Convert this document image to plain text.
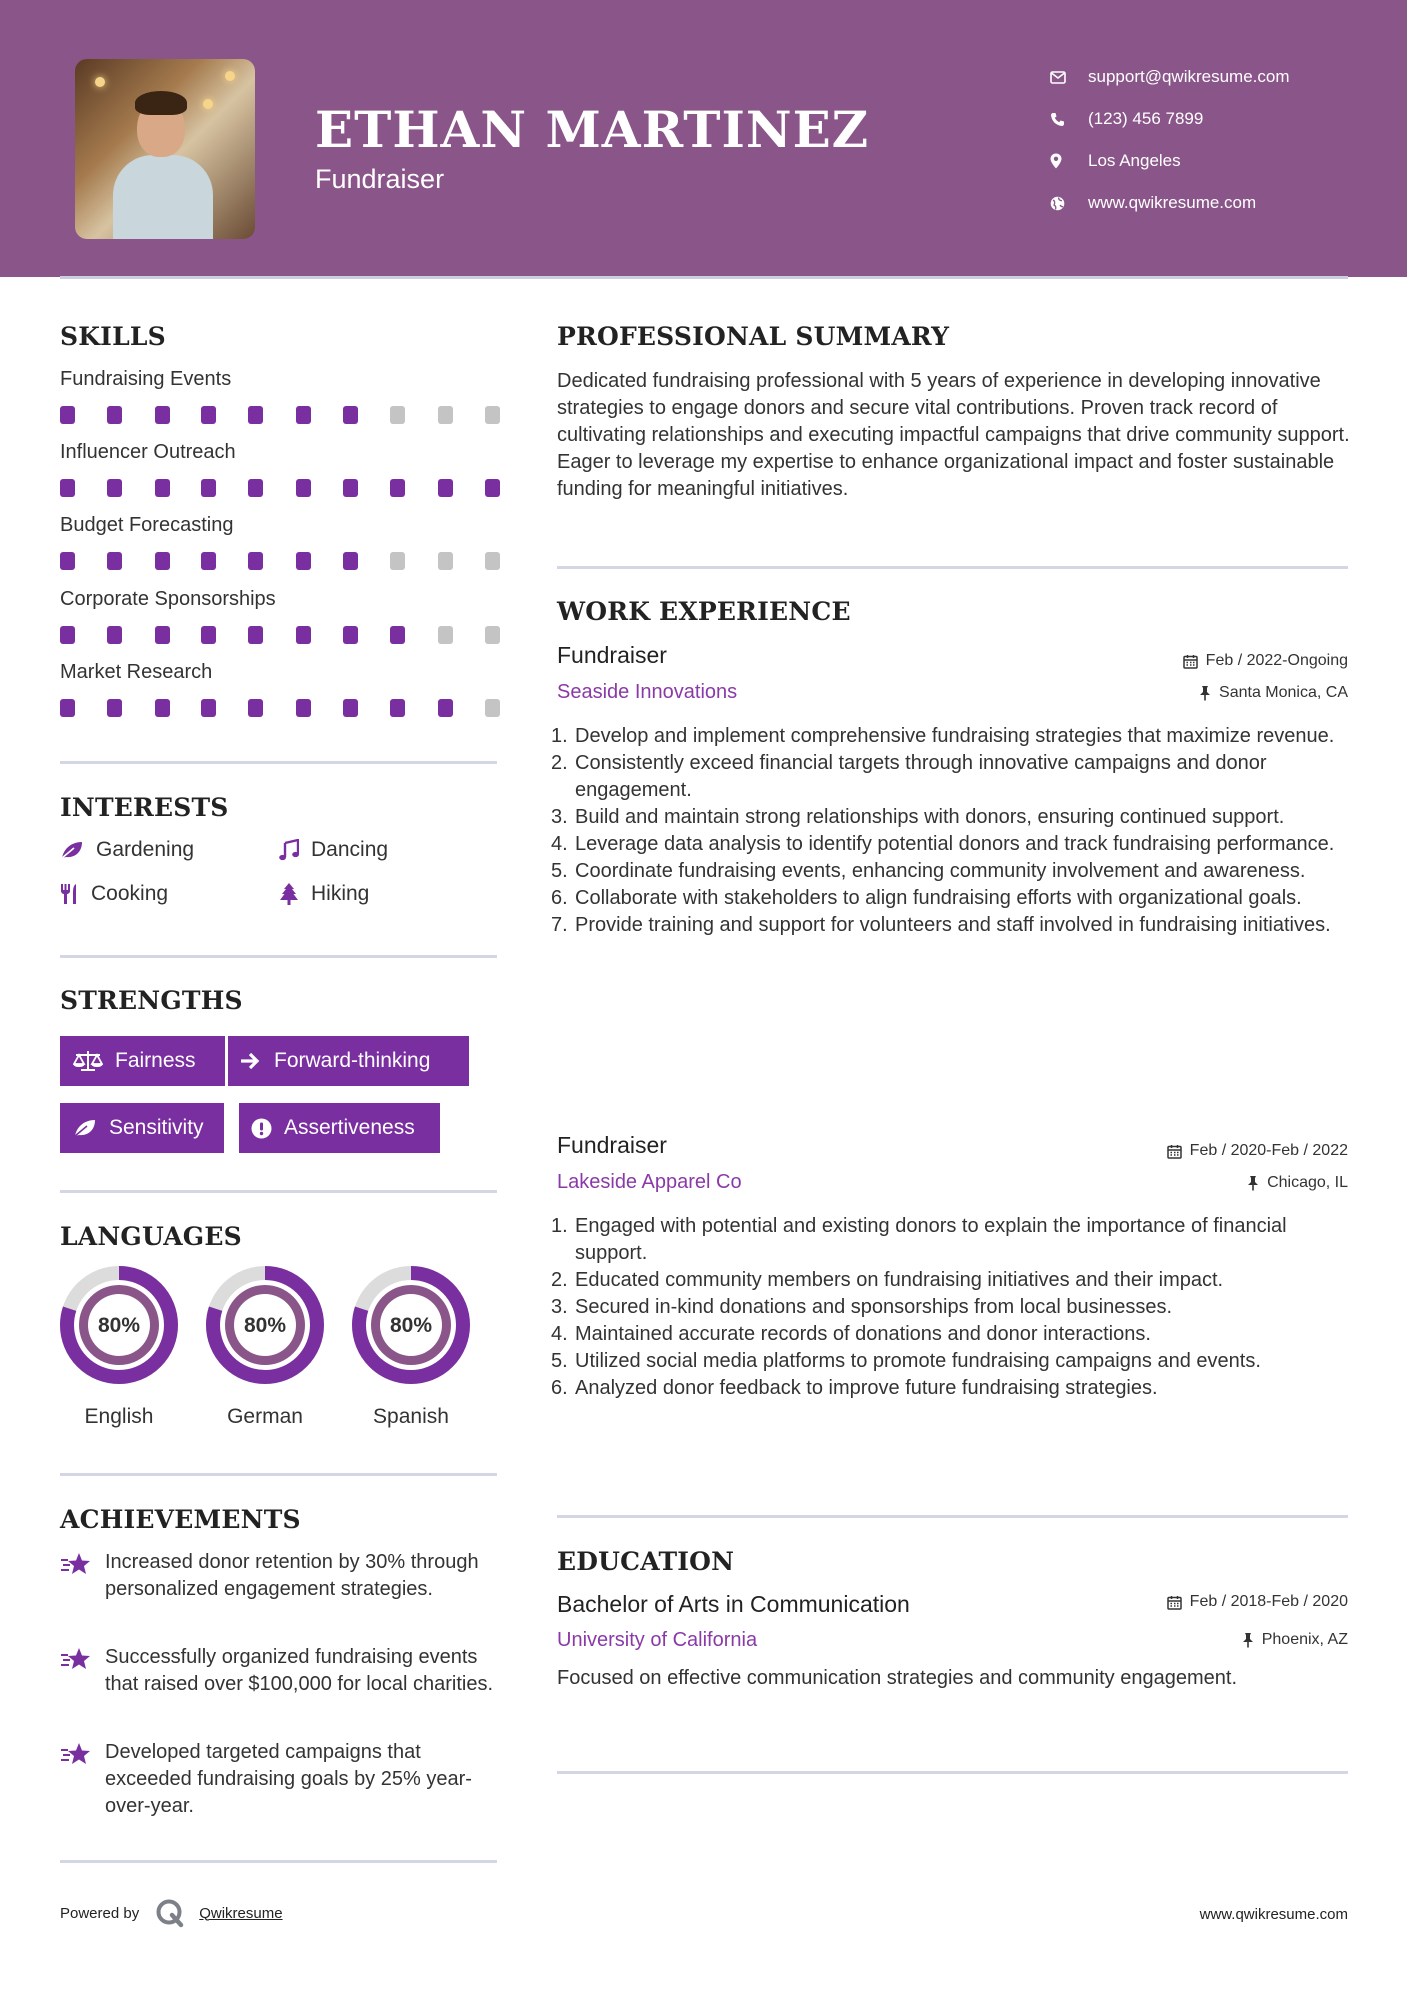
ETHAN MARTINEZ
Fundraiser
support@qwikresume.com
(123) 456 7899
Los Angeles
www.qwikresume.com
SKILLS
Fundraising Events
Influencer Outreach
Budget Forecasting
Corporate Sponsorships
Market Research
INTERESTS
Gardening	Dancing
Cooking	Hiking
STRENGTHS
Fairness	Forward-thinking
Sensitivity	Assertiveness
LANGUAGES
80%
English
80%
German
80%
Spanish
ACHIEVEMENTS
Increased donor retention by 30% through personalized engagement strategies.
Successfully organized fundraising events that raised over $100,000 for local charities.
Developed targeted campaigns that exceeded fundraising goals by 25% year-over-year.
PROFESSIONAL SUMMARY
Dedicated fundraising professional with 5 years of experience in developing innovative strategies to engage donors and secure vital contributions. Proven track record of cultivating relationships and executing impactful campaigns that drive community support. Eager to leverage my expertise to enhance organizational impact and foster sustainable funding for meaningful initiatives.
WORK EXPERIENCE
Fundraiser	Feb / 2022-Ongoing
Seaside Innovations	Santa Monica, CA
1. Develop and implement comprehensive fundraising strategies that maximize revenue.
2. Consistently exceed financial targets through innovative campaigns and donor engagement.
3. Build and maintain strong relationships with donors, ensuring continued support.
4. Leverage data analysis to identify potential donors and track fundraising performance.
5. Coordinate fundraising events, enhancing community involvement and awareness.
6. Collaborate with stakeholders to align fundraising efforts with organizational goals.
7. Provide training and support for volunteers and staff involved in fundraising initiatives.
Fundraiser	Feb / 2020-Feb / 2022
Lakeside Apparel Co	Chicago, IL
1. Engaged with potential and existing donors to explain the importance of financial support.
2. Educated community members on fundraising initiatives and their impact.
3. Secured in-kind donations and sponsorships from local businesses.
4. Maintained accurate records of donations and donor interactions.
5. Utilized social media platforms to promote fundraising campaigns and events.
6. Analyzed donor feedback to improve future fundraising strategies.
EDUCATION
Bachelor of Arts in Communication	Feb / 2018-Feb / 2020
University of California	Phoenix, AZ
Focused on effective communication strategies and community engagement.
Powered by	Qwikresume	www.qwikresume.com
